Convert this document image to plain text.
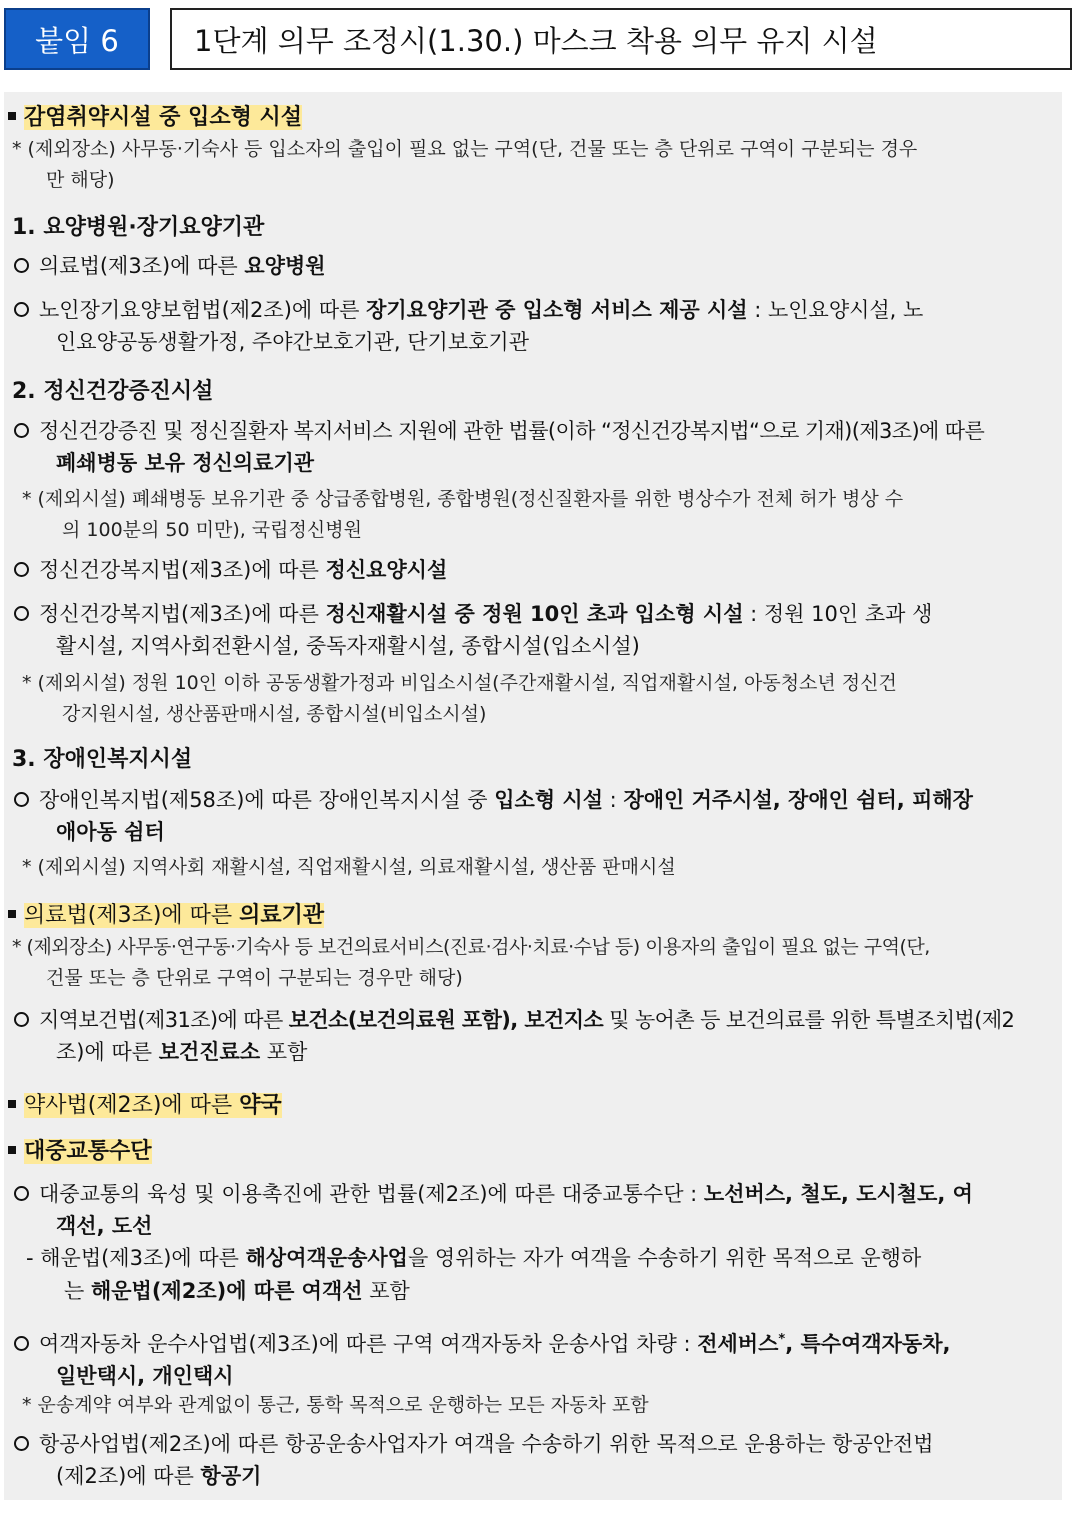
붙임 6	1단계 의무 조정시(1.30.) 마스크 착용 의무 유지 시설
감염취약시설 중 입소형 시설
* (제외장소) 사무동·기숙사 등 입소자의 출입이 필요 없는 구역(단, 건물 또는 층 단위로 구역이 구분되는 경우
만 해당)
1. 요양병원·장기요양기관
의료법(제3조)에 따른 요양병원
노인장기요양보험법(제2조)에 따른 장기요양기관 중 입소형 서비스 제공 시설 : 노인요양시설, 노
인요양공동생활가정, 주야간보호기관, 단기보호기관
2. 정신건강증진시설
정신건강증진 및 정신질환자 복지서비스 지원에 관한 법률(이하 “정신건강복지법“으로 기재)(제3조)에 따른
폐쇄병동 보유 정신의료기관
* (제외시설) 폐쇄병동 보유기관 중 상급종합병원, 종합병원(정신질환자를 위한 병상수가 전체 허가 병상 수
의 100분의 50 미만), 국립정신병원
정신건강복지법(제3조)에 따른 정신요양시설
정신건강복지법(제3조)에 따른 정신재활시설 중 정원 10인 초과 입소형 시설 : 정원 10인 초과 생
활시설, 지역사회전환시설, 중독자재활시설, 종합시설(입소시설)
* (제외시설) 정원 10인 이하 공동생활가정과 비입소시설(주간재활시설, 직업재활시설, 아동청소년 정신건
강지원시설, 생산품판매시설, 종합시설(비입소시설)
3. 장애인복지시설
장애인복지법(제58조)에 따른 장애인복지시설 중 입소형 시설 : 장애인 거주시설, 장애인 쉼터, 피해장
애아동 쉼터
* (제외시설) 지역사회 재활시설, 직업재활시설, 의료재활시설, 생산품 판매시설
의료법(제3조)에 따른 의료기관
* (제외장소) 사무동·연구동·기숙사 등 보건의료서비스(진료·검사·치료·수납 등) 이용자의 출입이 필요 없는 구역(단,
건물 또는 층 단위로 구역이 구분되는 경우만 해당)
지역보건법(제31조)에 따른 보건소(보건의료원 포함), 보건지소 및 농어촌 등 보건의료를 위한 특별조치법(제2
조)에 따른 보건진료소 포함
약사법(제2조)에 따른 약국
대중교통수단
대중교통의 육성 및 이용촉진에 관한 법률(제2조)에 따른 대중교통수단 : 노선버스, 철도, 도시철도, 여
객선, 도선
- 해운법(제3조)에 따른 해상여객운송사업을 영위하는 자가 여객을 수송하기 위한 목적으로 운행하
는 해운법(제2조)에 따른 여객선 포함
여객자동차 운수사업법(제3조)에 따른 구역 여객자동차 운송사업 차량 : 전세버스*, 특수여객자동차,
일반택시, 개인택시
* 운송계약 여부와 관계없이 통근, 통학 목적으로 운행하는 모든 자동차 포함
항공사업법(제2조)에 따른 항공운송사업자가 여객을 수송하기 위한 목적으로 운용하는 항공안전법
(제2조)에 따른 항공기
